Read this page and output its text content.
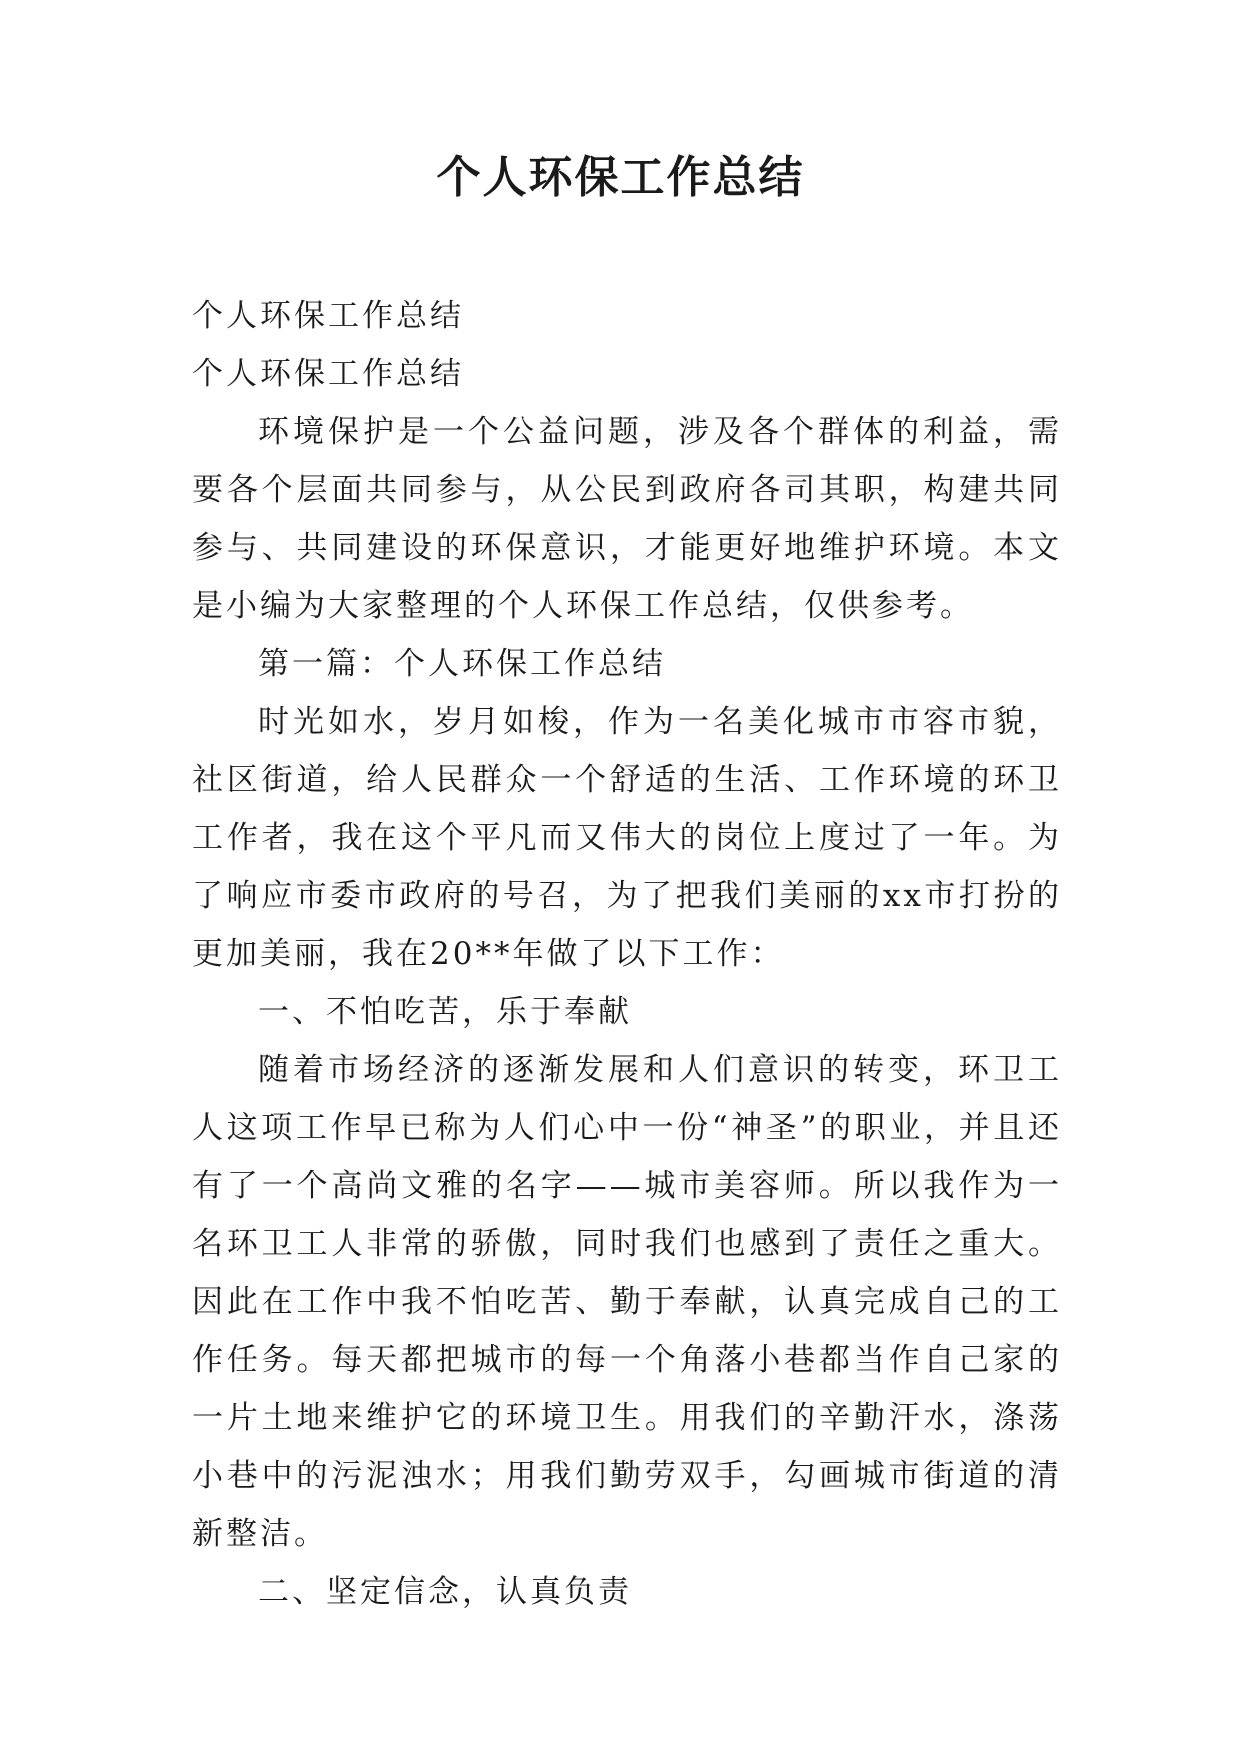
个人环保工作总结

个人环保工作总结

个人环保工作总结

环境保护是一个公益问题，涉及各个群体的利益，需要各个层面共同参与，从公民到政府各司其职，构建共同参与、共同建设的环保意识，才能更好地维护环境。本文是小编为大家整理的个人环保工作总结，仅供参考。

第一篇：个人环保工作总结

时光如水，岁月如梭，作为一名美化城市市容市貌，社区街道，给人民群众一个舒适的生活、工作环境的环卫工作者，我在这个平凡而又伟大的岗位上度过了一年。为了响应市委市政府的号召，为了把我们美丽的xx市打扮的更加美丽，我在20**年做了以下工作：

一、不怕吃苦，乐于奉献

随着市场经济的逐渐发展和人们意识的转变，环卫工人这项工作早已称为人们心中一份“神圣”的职业，并且还有了一个高尚文雅的名字——城市美容师。所以我作为一名环卫工人非常的骄傲，同时我们也感到了责任之重大。因此在工作中我不怕吃苦、勤于奉献，认真完成自己的工作任务。每天都把城市的每一个角落小巷都当作自己家的一片土地来维护它的环境卫生。用我们的辛勤汗水，涤荡小巷中的污泥浊水；用我们勤劳双手，勾画城市街道的清新整洁。

二、坚定信念，认真负责
